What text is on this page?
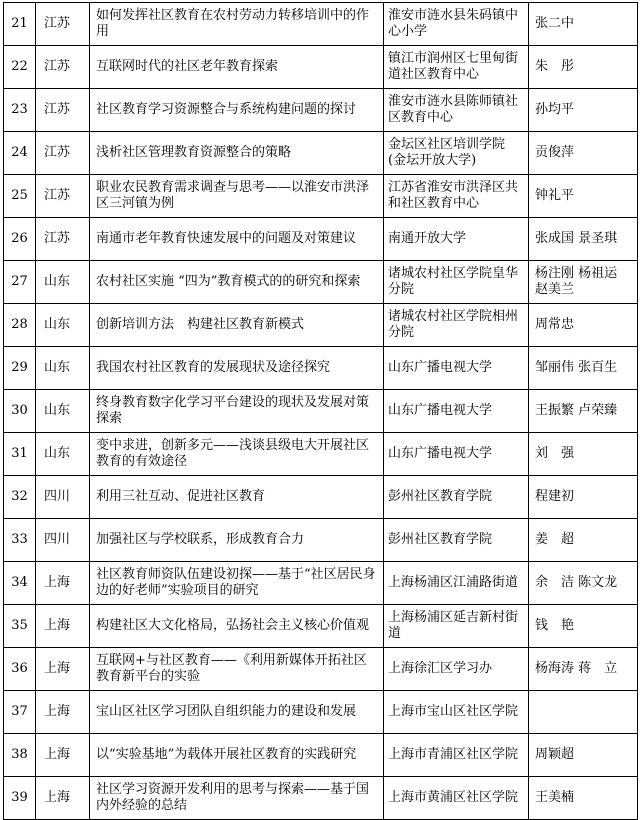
21	江苏	如何发挥社区教育在农村劳动力转移培训中的作用	淮安市涟水县朱码镇中心小学	张二中
22	江苏	互联网时代的社区老年教育探索	镇江市润州区七里甸街道社区教育中心	朱　彤
23	江苏	社区教育学习资源整合与系统构建问题的探讨	淮安市涟水县陈师镇社区教育中心	孙均平
24	江苏	浅析社区管理教育资源整合的策略	金坛区社区培训学院(金坛开放大学)	贡俊萍
25	江苏	职业农民教育需求调查与思考——以淮安市洪泽区三河镇为例	江苏省淮安市洪泽区共和社区教育中心	钟礼平
26	江苏	南通市老年教育快速发展中的问题及对策建议	南通开放大学	张成国 景圣琪
27	山东	农村社区实施 “四为”教育模式的的研究和探索	诸城农村社区学院皇华分院	杨注刚 杨祖运 赵美兰
28	山东	创新培训方法　构建社区教育新模式	诸城农村社区学院相州分院	周常忠
29	山东	我国农村社区教育的发展现状及途径探究	山东广播电视大学	邹丽伟 张百生
30	山东	终身教育数字化学习平台建设的现状及发展对策探索	山东广播电视大学	王振繁 卢荣臻
31	山东	变中求进，创新多元——浅谈县级电大开展社区教育的有效途径	山东广播电视大学	刘　强
32	四川	利用三社互动、促进社区教育	彭州社区教育学院	程建初
33	四川	加强社区与学校联系，形成教育合力	彭州社区教育学院	姜　超
34	上海	社区教育师资队伍建设初探——基于“社区居民身边的好老师”实验项目的研究	上海杨浦区江浦路街道	余　洁 陈文龙
35	上海	构建社区大文化格局，弘扬社会主义核心价值观	上海杨浦区延吉新村街道	钱　艳
36	上海	互联网+与社区教育——《利用新媒体开拓社区教育新平台的实验	上海徐汇区学习办	杨海涛 蒋　立
37	上海	宝山区社区学习团队自组织能力的建设和发展	上海市宝山区社区学院	
38	上海	以“实验基地”为载体开展社区教育的实践研究	上海市青浦区社区学院	周颖超
39	上海	社区学习资源开发利用的思考与探索——基于国内外经验的总结	上海市黄浦区社区学院	王美楠
